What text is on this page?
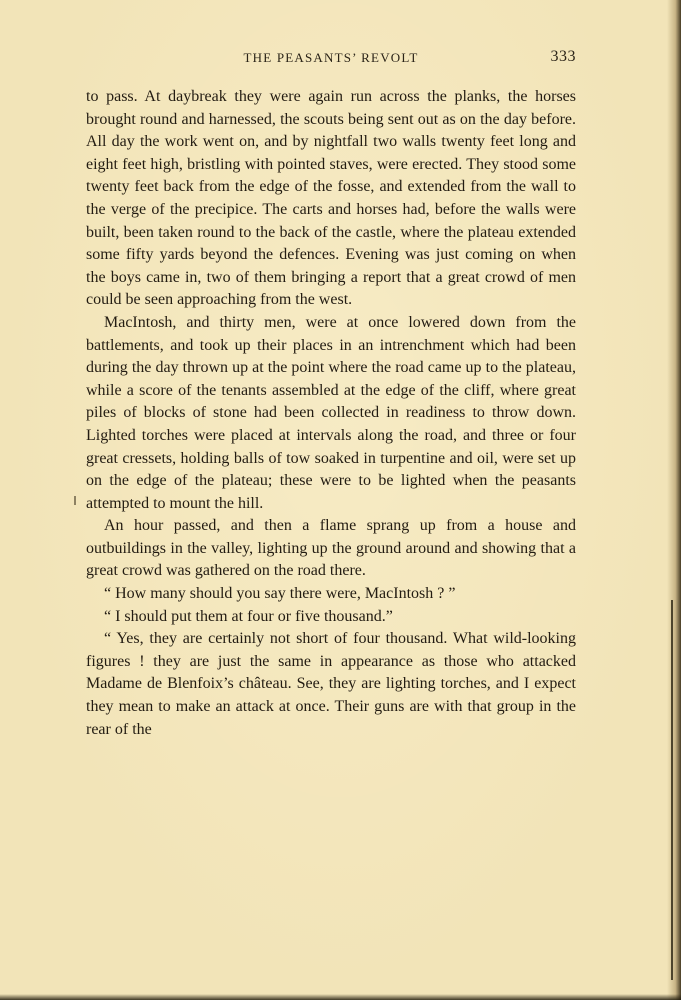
THE PEASANTS’ REVOLT	333

to pass. At daybreak they were again run across the planks, the horses brought round and harnessed, the scouts being sent out as on the day before. All day the work went on, and by nightfall two walls twenty feet long and eight feet high, bristling with pointed staves, were erected. They stood some twenty feet back from the edge of the fosse, and extended from the wall to the verge of the precipice. The carts and horses had, before the walls were built, been taken round to the back of the castle, where the plateau extended some fifty yards beyond the defences. Evening was just coming on when the boys came in, two of them bringing a report that a great crowd of men could be seen approaching from the west.

MacIntosh, and thirty men, were at once lowered down from the battlements, and took up their places in an intrenchment which had been during the day thrown up at the point where the road came up to the plateau, while a score of the tenants assembled at the edge of the cliff, where great piles of blocks of stone had been collected in readiness to throw down. Lighted torches were placed at intervals along the road, and three or four great cressets, holding balls of tow soaked in turpentine and oil, were set up on the edge of the plateau; these were to be lighted when the peasants attempted to mount the hill.

An hour passed, and then a flame sprang up from a house and outbuildings in the valley, lighting up the ground around and showing that a great crowd was gathered on the road there.

“ How many should you say there were, MacIntosh ? ”

“ I should put them at four or five thousand.”

“ Yes, they are certainly not short of four thousand. What wild-looking figures ! they are just the same in appearance as those who attacked Madame de Blenfoix’s château. See, they are lighting torches, and I expect they mean to make an attack at once. Their guns are with that group in the rear of the
